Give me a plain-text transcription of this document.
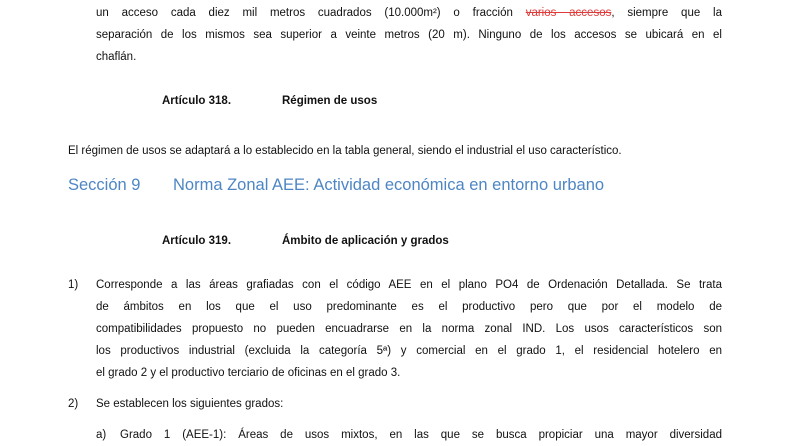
un acceso cada diez mil metros cuadrados (10.000m²) o fracción varios accesos, siempre que la
separación de los mismos sea superior a veinte metros (20 m). Ninguno de los accesos se ubicará en el
chaflán.
Artículo 318.	Régimen de usos
El régimen de usos se adaptará a lo establecido en la tabla general, siendo el industrial el uso característico.
Sección 9 Norma Zonal AEE: Actividad económica en entorno urbano
Artículo 319.	Ámbito de aplicación y grados
1) Corresponde a las áreas grafiadas con el código AEE en el plano PO4 de Ordenación Detallada. Se trata
de ámbitos en los que el uso predominante es el productivo pero que por el modelo de
compatibilidades propuesto no pueden encuadrarse en la norma zonal IND. Los usos característicos son
los productivos industrial (excluida la categoría 5ª) y comercial en el grado 1, el residencial hotelero en
el grado 2 y el productivo terciario de oficinas en el grado 3.
2) Se establecen los siguientes grados:
a) Grado 1 (AEE-1): Áreas de usos mixtos, en las que se busca propiciar una mayor diversidad
